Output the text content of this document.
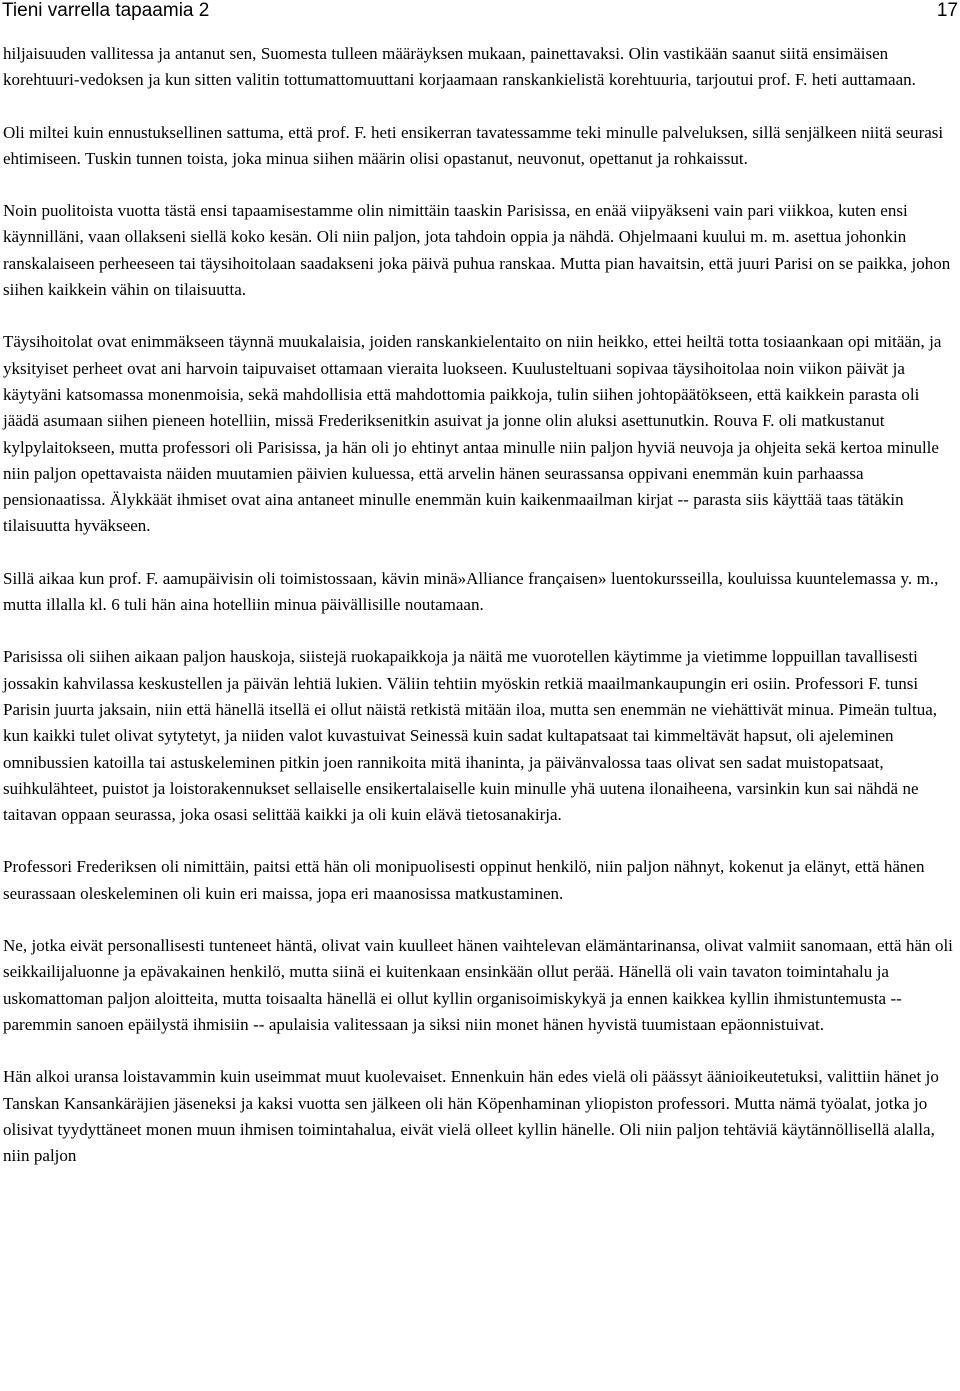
Tieni varrella tapaamia 2	17

hiljaisuuden vallitessa ja antanut sen, Suomesta tulleen määräyksen mukaan, painettavaksi. Olin vastikään saanut siitä ensimäisen korehtuuri-vedoksen ja kun sitten valitin tottumattomuuttani korjaamaan ranskankielistä korehtuuria, tarjoutui prof. F. heti auttamaan.

Oli miltei kuin ennustuksellinen sattuma, että prof. F. heti ensikerran tavatessamme teki minulle palveluksen, sillä senjälkeen niitä seurasi ehtimiseen. Tuskin tunnen toista, joka minua siihen määrin olisi opastanut, neuvonut, opettanut ja rohkaissut.

Noin puolitoista vuotta tästä ensi tapaamisestamme olin nimittäin taaskin Parisissa, en enää viipyäkseni vain pari viikkoa, kuten ensi käynnilläni, vaan ollakseni siellä koko kesän. Oli niin paljon, jota tahdoin oppia ja nähdä. Ohjelmaani kuului m. m. asettua johonkin ranskalaiseen perheeseen tai täysihoitolaan saadakseni joka päivä puhua ranskaa. Mutta pian havaitsin, että juuri Parisi on se paikka, johon siihen kaikkein vähin on tilaisuutta.

Täysihoitolat ovat enimmäkseen täynnä muukalaisia, joiden ranskankielentaito on niin heikko, ettei heiltä totta tosiaankaan opi mitään, ja yksityiset perheet ovat ani harvoin taipuvaiset ottamaan vieraita luokseen. Kuulusteltuani sopivaa täysihoitolaa noin viikon päivät ja käytyäni katsomassa monenmoisia, sekä mahdollisia että mahdottomia paikkoja, tulin siihen johtopäätökseen, että kaikkein parasta oli jäädä asumaan siihen pieneen hotelliin, missä Frederiksenitkin asuivat ja jonne olin aluksi asettunutkin. Rouva F. oli matkustanut kylpylaitokseen, mutta professori oli Parisissa, ja hän oli jo ehtinyt antaa minulle niin paljon hyviä neuvoja ja ohjeita sekä kertoa minulle niin paljon opettavaista näiden muutamien päivien kuluessa, että arvelin hänen seurassansa oppivani enemmän kuin parhaassa pensionaatissa. Älykkäät ihmiset ovat aina antaneet minulle enemmän kuin kaikenmaailman kirjat -- parasta siis käyttää taas tätäkin tilaisuutta hyväkseen.

Sillä aikaa kun prof. F. aamupäivisin oli toimistossaan, kävin minä»Alliance françaisen» luentokursseilla, kouluissa kuuntelemassa y. m., mutta illalla kl. 6 tuli hän aina hotelliin minua päivällisille noutamaan.

Parisissa oli siihen aikaan paljon hauskoja, siistejä ruokapaikkoja ja näitä me vuorotellen käytimme ja vietimme loppuillan tavallisesti jossakin kahvilassa keskustellen ja päivän lehtiä lukien. Väliin tehtiin myöskin retkiä maailmankaupungin eri osiin. Professori F. tunsi Parisin juurta jaksain, niin että hänellä itsellä ei ollut näistä retkistä mitään iloa, mutta sen enemmän ne viehättivät minua. Pimeän tultua, kun kaikki tulet olivat sytytetyt, ja niiden valot kuvastuivat Seinessä kuin sadat kultapatsaat tai kimmeltävät hapsut, oli ajeleminen omnibussien katoilla tai astuskeleminen pitkin joen rannikoita mitä ihaninta, ja päivänvalossa taas olivat sen sadat muistopatsaat, suihkulähteet, puistot ja loistorakennukset sellaiselle ensikertalaiselle kuin minulle yhä uutena ilonaiheena, varsinkin kun sai nähdä ne taitavan oppaan seurassa, joka osasi selittää kaikki ja oli kuin elävä tietosanakirja.

Professori Frederiksen oli nimittäin, paitsi että hän oli monipuolisesti oppinut henkilö, niin paljon nähnyt, kokenut ja elänyt, että hänen seurassaan oleskeleminen oli kuin eri maissa, jopa eri maanosissa matkustaminen.

Ne, jotka eivät personallisesti tunteneet häntä, olivat vain kuulleet hänen vaihtelevan elämäntarinansa, olivat valmiit sanomaan, että hän oli seikkailijaluonne ja epävakainen henkilö, mutta siinä ei kuitenkaan ensinkään ollut perää. Hänellä oli vain tavaton toimintahalu ja uskomattoman paljon aloitteita, mutta toisaalta hänellä ei ollut kyllin organisoimiskykyä ja ennen kaikkea kyllin ihmistuntemusta -- paremmin sanoen epäilystä ihmisiin -- apulaisia valitessaan ja siksi niin monet hänen hyvistä tuumistaan epäonnistuivat.

Hän alkoi uransa loistavammin kuin useimmat muut kuolevaiset. Ennenkuin hän edes vielä oli päässyt äänioikeutetuksi, valittiin hänet jo Tanskan Kansankäräjien jäseneksi ja kaksi vuotta sen jälkeen oli hän Köpenhaminan yliopiston professori. Mutta nämä työalat, jotka jo olisivat tyydyttäneet monen muun ihmisen toimintahalua, eivät vielä olleet kyllin hänelle. Oli niin paljon tehtäviä käytännöllisellä alalla, niin paljon
